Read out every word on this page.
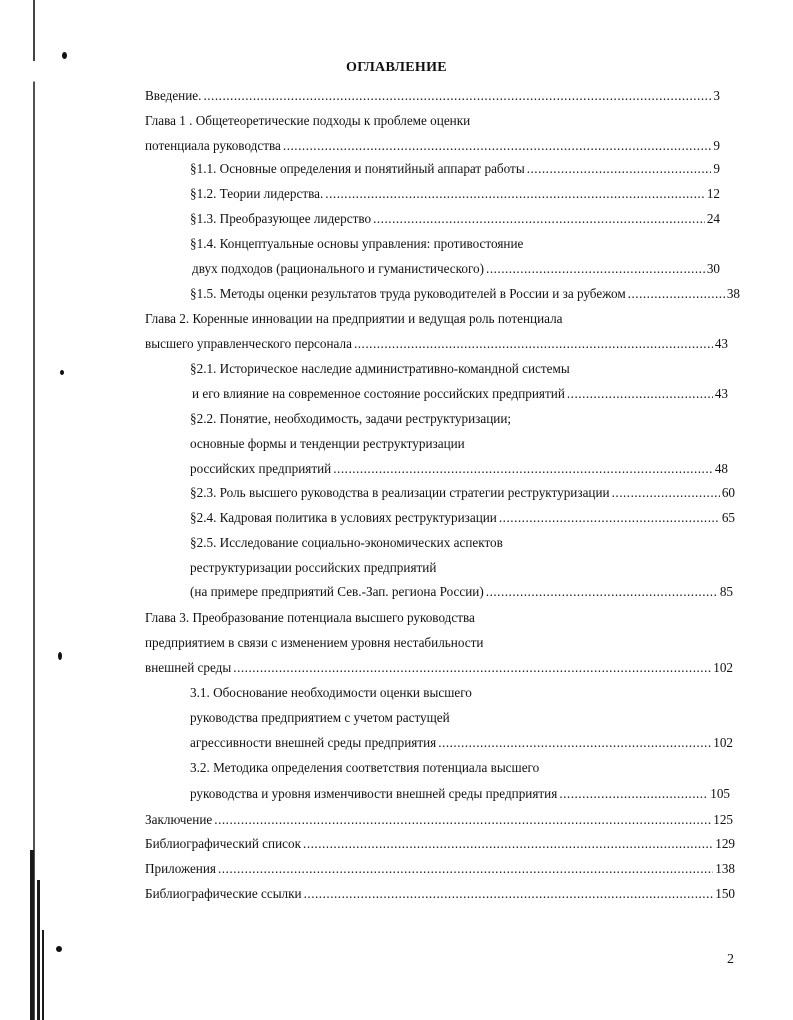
ОГЛАВЛЕНИЕ
Введение. .....	3
Глава 1 . Общетеоретические подходы к проблеме оценки
потенциала руководства .....	9
§1.1. Основные определения и понятийный аппарат работы .....	9
§1.2. Теории лидерства. .....	12
§1.3. Преобразующее лидерство .....	24
§1.4. Концептуальные основы управления: противостояние
двух подходов (рационального и гуманистического) .....	30
§1.5. Методы оценки результатов труда руководителей в России и за рубежом .....	38
Глава 2. Коренные инновации на предприятии и ведущая роль потенциала
высшего управленческого персонала .....	43
§2.1. Историческое наследие административно-командной системы
и его влияние на современное состояние российских предприятий .....	43
§2.2. Понятие, необходимость, задачи реструктуризации;
основные формы и тенденции реструктуризации
российских предприятий .....	48
§2.3. Роль высшего руководства в реализации стратегии реструктуризации .....	60
§2.4. Кадровая политика в условиях реструктуризации .....	65
§2.5. Исследование социально-экономических аспектов
реструктуризации российских предприятий
(на примере предприятий Сев.-Зап. региона России) .....	85
Глава 3. Преобразование потенциала высшего руководства
предприятием в связи с изменением уровня нестабильности
внешней среды .....	102
3.1. Обоснование необходимости оценки высшего
руководства предприятием с учетом растущей
агрессивности внешней среды предприятия .....	102
3.2. Методика определения соответствия потенциала высшего
руководства и уровня изменчивости внешней среды предприятия .....	105
Заключение .....	125
Библиографический список .....	129
Приложения .....	138
Библиографические ссылки .....	150
2
